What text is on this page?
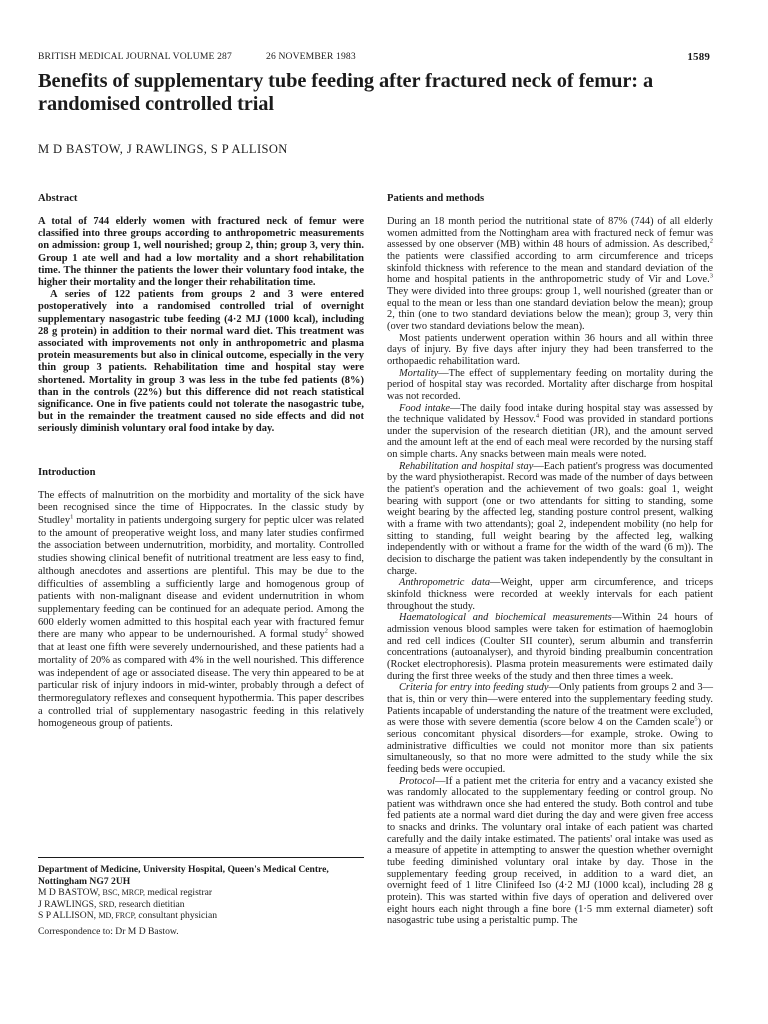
BRITISH MEDICAL JOURNAL VOLUME 287	26 NOVEMBER 1983	1589
Benefits of supplementary tube feeding after fractured neck of femur: a randomised controlled trial
M D BASTOW, J RAWLINGS, S P ALLISON
Abstract

A total of 744 elderly women with fractured neck of femur were classified into three groups according to anthropometric measurements on admission: group 1, well nourished; group 2, thin; group 3, very thin. Group 1 ate well and had a low mortality and a short rehabilitation time. The thinner the patients the lower their voluntary food intake, the higher their mortality and the longer their rehabilitation time.

A series of 122 patients from groups 2 and 3 were entered postoperatively into a randomised controlled trial of overnight supplementary nasogastric tube feeding (4·2 MJ (1000 kcal), including 28 g protein) in addition to their normal ward diet. This treatment was associated with improvements not only in anthropometric and plasma protein measurements but also in clinical outcome, especially in the very thin group 3 patients. Rehabilitation time and hospital stay were shortened. Mortality in group 3 was less in the tube fed patients (8%) than in the controls (22%) but this difference did not reach statistical significance. One in five patients could not tolerate the nasogastric tube, but in the remainder the treatment caused no side effects and did not seriously diminish voluntary oral food intake by day.

Introduction

The effects of malnutrition on the morbidity and mortality of the sick have been recognised since the time of Hippocrates. In the classic study by Studley$^1$ mortality in patients undergoing surgery for peptic ulcer was related to the amount of preoperative weight loss, and many later studies confirmed the association between undernutrition, morbidity, and mortality. Controlled studies showing clinical benefit of nutritional treatment are less easy to find, although anecdotes and assertions are plentiful. This may be due to the difficulties of assembling a sufficiently large and homogenous group of patients with non-malignant disease and evident undernutrition in whom supplementary feeding can be continued for an adequate period. Among the 600 elderly women admitted to this hospital each year with fractured femur there are many who appear to be undernourished. A formal study$^2$ showed that at least one fifth were severely undernourished, and these patients had a mortality of 20% as compared with 4% in the well nourished. This difference was independent of age or associated disease. The very thin appeared to be at particular risk of injury indoors in mid-winter, probably through a defect of thermoregulatory reflexes and consequent hypothermia. This paper describes a controlled trial of supplementary nasogastric feeding in this relatively homogeneous group of patients.

Department of Medicine, University Hospital, Queen's Medical Centre, Nottingham NG7 2UH

M D BASTOW, BSC, MRCP, medical registrar

J RAWLINGS, SRD, research dietitian

S P ALLISON, MD, FRCP, consultant physician

Correspondence to: Dr M D Bastow.

Patients and methods

During an 18 month period the nutritional state of 87% (744) of all elderly women admitted from the Nottingham area with fractured neck of femur was assessed by one observer (MB) within 48 hours of admission. As described,$^2$ the patients were classified according to arm circumference and triceps skinfold thickness with reference to the mean and standard deviation of the home and hospital patients in the anthropometric study of Vir and Love.$^3$ They were divided into three groups: group 1, well nourished (greater than or equal to the mean or less than one standard deviation below the mean); group 2, thin (one to two standard deviations below the mean); group 3, very thin (over two standard deviations below the mean).

Most patients underwent operation within 36 hours and all within three days of injury. By five days after injury they had been transferred to the orthopaedic rehabilitation ward.

Mortality—The effect of supplementary feeding on mortality during the period of hospital stay was recorded. Mortality after discharge from hospital was not recorded.

Food intake—The daily food intake during hospital stay was assessed by the technique validated by Hessov.$^4$ Food was provided in standard portions under the supervision of the research dietitian (JR), and the amount served and the amount left at the end of each meal were recorded by the nursing staff on simple charts. Any snacks between main meals were noted.

Rehabilitation and hospital stay—Each patient's progress was documented by the ward physiotherapist. Record was made of the number of days between the patient's operation and the achievement of two goals: goal 1, weight bearing with support (one or two attendants for sitting to standing, some weight bearing by the affected leg, standing posture control present, walking with a frame with two attendants); goal 2, independent mobility (no help for sitting to standing, full weight bearing by the affected leg, walking independently with or without a frame for the width of the ward (6 m)). The decision to discharge the patient was taken independently by the consultant in charge.

Anthropometric data—Weight, upper arm circumference, and triceps skinfold thickness were recorded at weekly intervals for each patient throughout the study.

Haematological and biochemical measurements—Within 24 hours of admission venous blood samples were taken for estimation of haemoglobin and red cell indices (Coulter SII counter), serum albumin and transferrin concentrations (autoanalyser), and thyroid binding prealbumin concentration (Rocket electrophoresis). Plasma protein measurements were estimated daily during the first three weeks of the study and then three times a week.

Criteria for entry into feeding study—Only patients from groups 2 and 3—that is, thin or very thin—were entered into the supplementary feeding study. Patients incapable of understanding the nature of the treatment were excluded, as were those with severe dementia (score below 4 on the Camden scale$^5$) or serious concomitant physical disorders—for example, stroke. Owing to administrative difficulties we could not monitor more than six patients simultaneously, so that no more were admitted to the study while the six feeding beds were occupied.

Protocol—If a patient met the criteria for entry and a vacancy existed she was randomly allocated to the supplementary feeding or control group. No patient was withdrawn once she had entered the study. Both control and tube fed patients ate a normal ward diet during the day and were given free access to snacks and drinks. The voluntary oral intake of each patient was charted carefully and the daily intake estimated. The patients' oral intake was used as a measure of appetite in attempting to answer the question whether overnight tube feeding diminished voluntary oral intake by day. Those in the supplementary feeding group received, in addition to a ward diet, an overnight feed of 1 litre Clinifeed Iso (4·2 MJ (1000 kcal), including 28 g protein). This was started within five days of operation and delivered over eight hours each night through a fine bore (1·5 mm external diameter) soft nasogastric tube using a peristaltic pump. The
